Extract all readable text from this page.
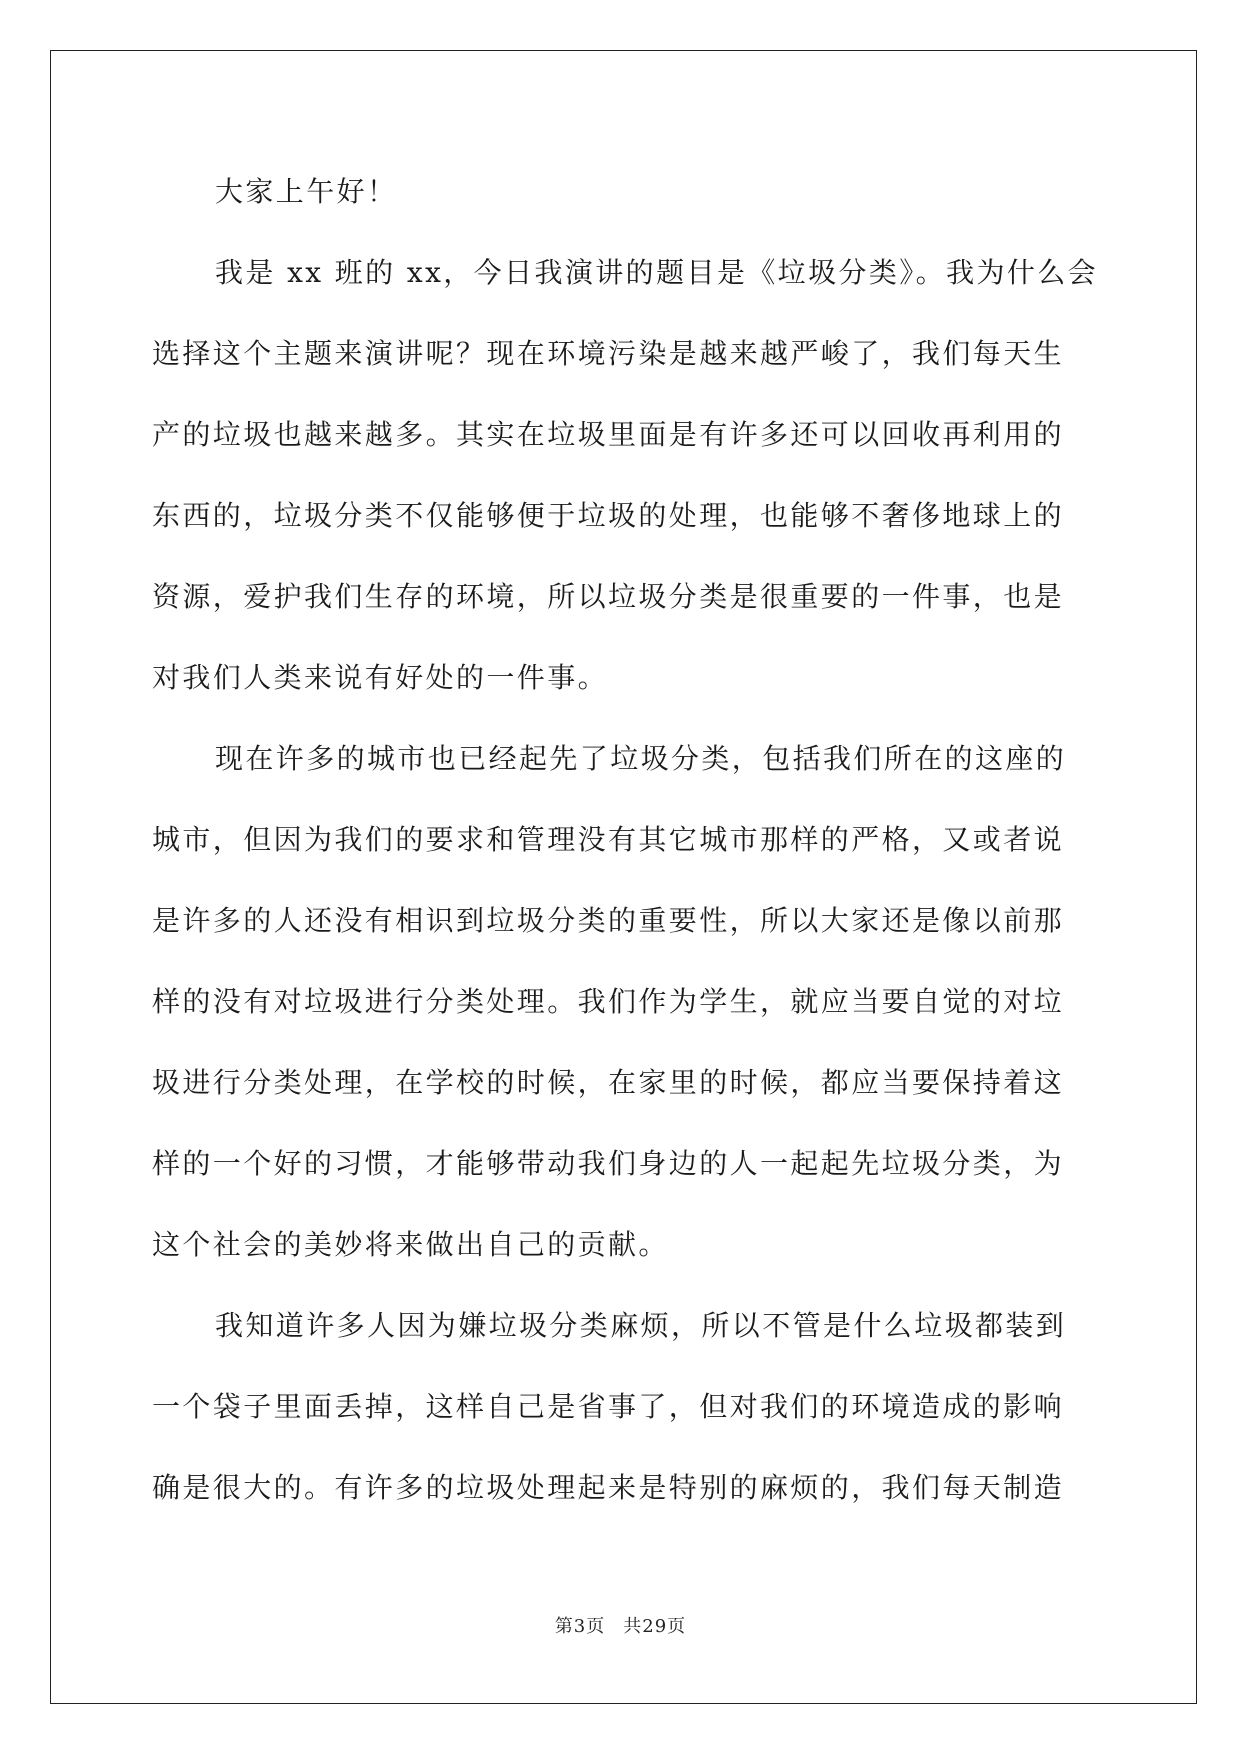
大家上午好！
我是 xx 班的 xx，今日我演讲的题目是《垃圾分类》。我为什么会
选择这个主题来演讲呢？现在环境污染是越来越严峻了，我们每天生
产的垃圾也越来越多。其实在垃圾里面是有许多还可以回收再利用的
东西的，垃圾分类不仅能够便于垃圾的处理，也能够不奢侈地球上的
资源，爱护我们生存的环境，所以垃圾分类是很重要的一件事，也是
对我们人类来说有好处的一件事。
现在许多的城市也已经起先了垃圾分类，包括我们所在的这座的
城市，但因为我们的要求和管理没有其它城市那样的严格，又或者说
是许多的人还没有相识到垃圾分类的重要性，所以大家还是像以前那
样的没有对垃圾进行分类处理。我们作为学生，就应当要自觉的对垃
圾进行分类处理，在学校的时候，在家里的时候，都应当要保持着这
样的一个好的习惯，才能够带动我们身边的人一起起先垃圾分类，为
这个社会的美妙将来做出自己的贡献。
我知道许多人因为嫌垃圾分类麻烦，所以不管是什么垃圾都装到
一个袋子里面丢掉，这样自己是省事了，但对我们的环境造成的影响
确是很大的。有许多的垃圾处理起来是特别的麻烦的，我们每天制造
第3页 共29页
